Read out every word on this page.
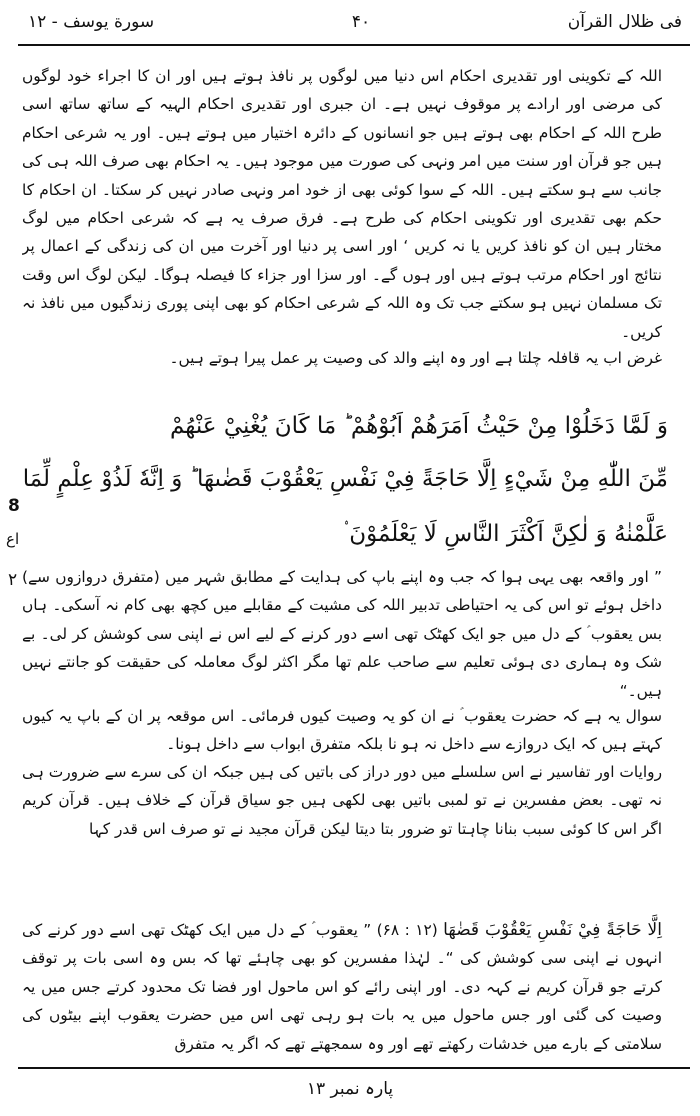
فی ظلال القرآن
۴۰
سورة یوسف - ۱۲
اللہ کے تکوینی اور تقدیری احکام اس دنیا میں لوگوں پر نافذ ہوتے ہیں اور ان کا اجراء خود لوگوں کی مرضی اور ارادے پر موقوف نہیں ہے۔ ان جبری اور تقدیری احکام الہیہ کے ساتھ ساتھ اسی طرح اللہ کے احکام بھی ہوتے ہیں جو انسانوں کے دائرہ اختیار میں ہوتے ہیں۔ اور یہ شرعی احکام ہیں جو قرآن اور سنت میں امر ونہی کی صورت میں موجود ہیں۔ یہ احکام بھی صرف اللہ ہی کی جانب سے ہو سکتے ہیں۔ اللہ کے سوا کوئی بھی از خود امر ونہی صادر نہیں کر سکتا۔ ان احکام کا حکم بھی تقدیری اور تکوینی احکام کی طرح ہے۔ فرق صرف یہ ہے کہ شرعی احکام میں لوگ مختار ہیں ان کو نافذ کریں یا نہ کریں ‘ اور اسی پر دنیا اور آخرت میں ان کی زندگی کے اعمال پر نتائج اور احکام مرتب ہوتے ہیں اور ہوں گے۔ اور سزا اور جزاء کا فیصلہ ہوگا۔ لیکن لوگ اس وقت تک مسلمان نہیں ہو سکتے جب تک وہ اللہ کے شرعی احکام کو بھی اپنی پوری زندگیوں میں نافذ نہ کریں۔
غرض اب یہ قافلہ چلتا ہے اور وہ اپنے والد کی وصیت پر عمل پیرا ہوتے ہیں۔
وَ لَمَّا دَخَلُوْا مِنْ حَيْثُ اَمَرَهُمْ اَبُوْهُمْ ؕ مَا كَانَ يُغْنِيْ عَنْهُمْ
مِّنَ اللّٰهِ مِنْ شَيْءٍ اِلَّا حَاجَةً فِيْ نَفْسِ يَعْقُوْبَ قَضٰىهَا ؕ وَ اِنَّهٗ لَذُوْ عِلْمٍ لِّمَا
عَلَّمْنٰهُ وَ لٰكِنَّ اَكْثَرَ النَّاسِ لَا يَعْلَمُوْنَ ۟
8
اع
۲ ” اور واقعہ بھی یہی ہوا کہ جب وہ اپنے باپ کی ہدایت کے مطابق شہر میں (متفرق دروازوں سے) داخل ہوئے تو اس کی یہ احتیاطی تدبیر اللہ کی مشیت کے مقابلے میں کچھ بھی کام نہ آسکی۔ ہاں بس یعقوب ؑ کے دل میں جو ایک کھٹک تھی اسے دور کرنے کے لیے اس نے اپنی سی کوشش کر لی۔ بے شک وہ ہماری دی ہوئی تعلیم سے صاحب علم تھا مگر اکثر لوگ معاملہ کی حقیقت کو جانتے نہیں ہیں۔“
سوال یہ ہے کہ حضرت یعقوب ؑ نے ان کو یہ وصیت کیوں فرمائی۔ اس موقعہ پر ان کے باپ یہ کیوں کہتے ہیں کہ ایک دروازے سے داخل نہ ہو نا بلکہ متفرق ابواب سے داخل ہونا۔
روایات اور تفاسیر نے اس سلسلے میں دور دراز کی باتیں کی ہیں جبکہ ان کی سرے سے ضرورت ہی نہ تھی۔ بعض مفسرین نے تو لمبی باتیں بھی لکھی ہیں جو سیاق قرآن کے خلاف ہیں۔ قرآن کریم اگر اس کا کوئی سبب بنانا چاہتا تو ضرور بتا دیتا لیکن قرآن مجید نے تو صرف اس قدر کہا
اِلَّا حَاجَةً فِيْ نَفْسِ يَعْقُوْبَ قَضٰهَا (۱۲ : ۶۸) ” یعقوب ؑ کے دل میں ایک کھٹک تھی اسے دور کرنے کی انہوں نے اپنی سی کوشش کی “۔ لہٰذا مفسرین کو بھی چاہئے تھا کہ بس وہ اسی بات پر توقف کرتے جو قرآن کریم نے کہہ دی۔ اور اپنی رائے کو اس ماحول اور فضا تک محدود کرتے جس میں یہ وصیت کی گئی اور جس ماحول میں یہ بات ہو رہی تھی اس میں حضرت یعقوب اپنے بیٹوں کی سلامتی کے بارے میں خدشات رکھتے تھے اور وہ سمجھتے تھے کہ اگر یہ متفرق
پارہ نمبر ۱۳
